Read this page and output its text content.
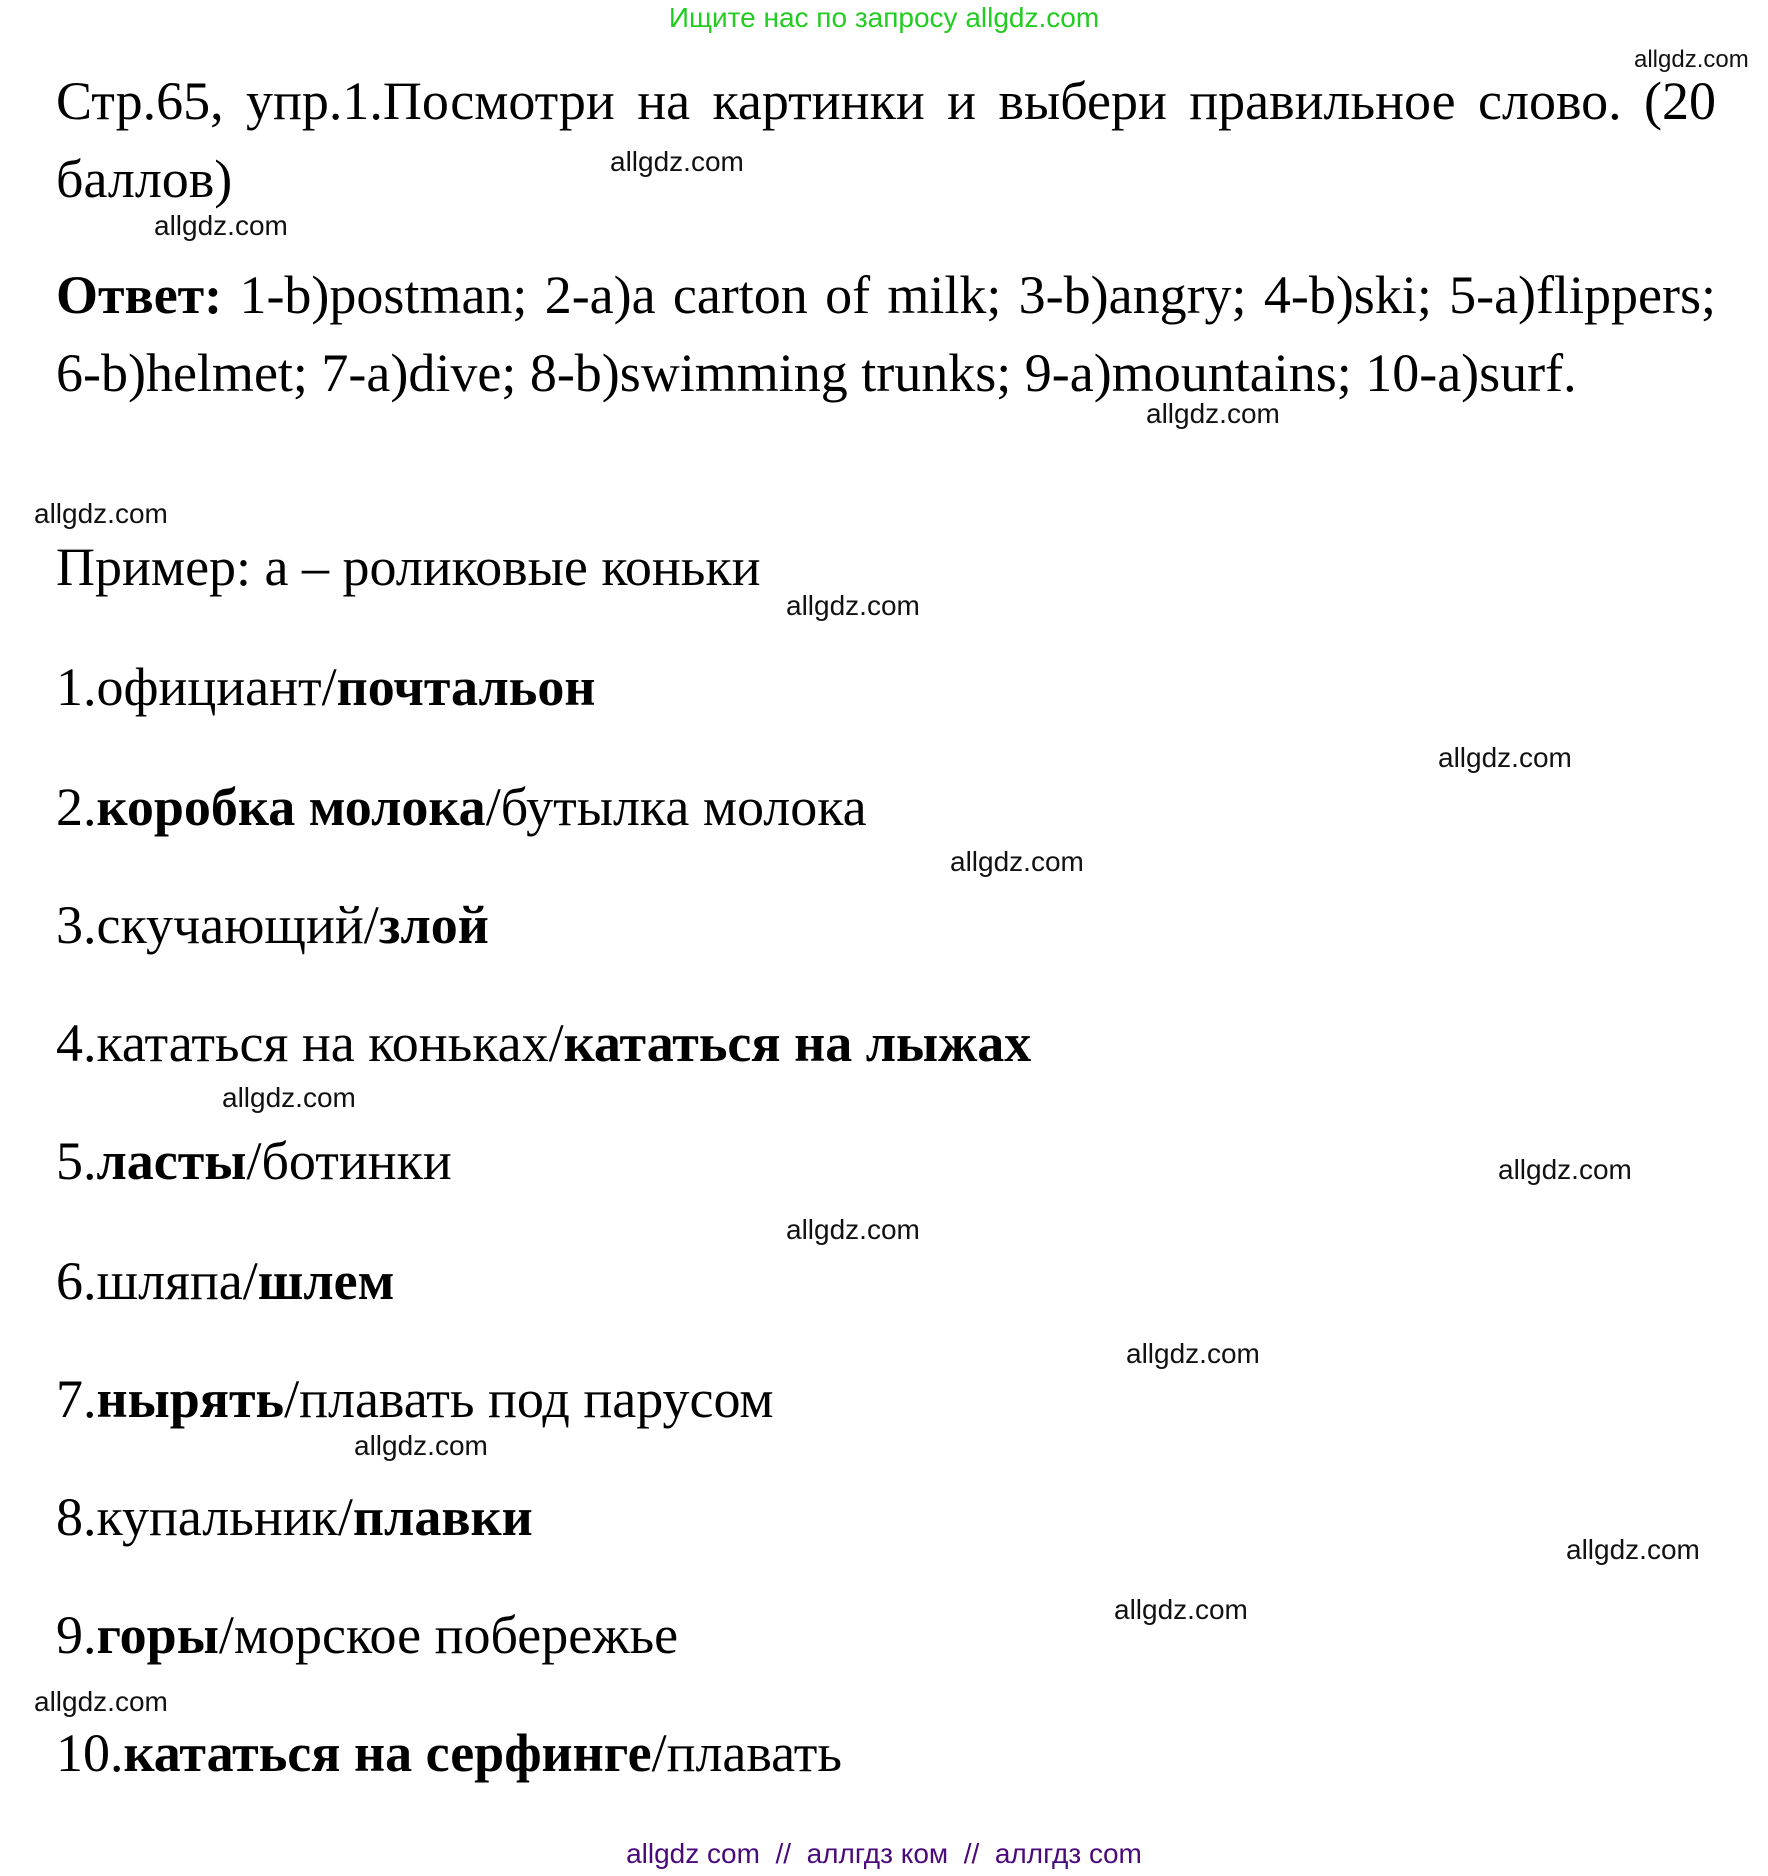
Ищите нас по запросу allgdz.com
Стр.65, упр.1.Посмотри на картинки и выбери правильное слово. (20 баллов)
Ответ: 1-b)postman; 2-a)a carton of milk; 3-b)angry; 4-b)ski; 5-a)flippers; 6-b)helmet; 7-a)dive; 8-b)swimming trunks; 9-a)mountains; 10-a)surf.
Пример: a – роликовые коньки
1.официант/почтальон
2.коробка молока/бутылка молока
3.скучающий/злой
4.кататься на коньках/кататься на лыжах
5.ласты/ботинки
6.шляпа/шлем
7.нырять/плавать под парусом
8.купальник/плавки
9.горы/морское побережье
10.кататься на серфинге/плавать
allgdz.com
allgdz.com
allgdz.com
allgdz.com
allgdz.com
allgdz.com
allgdz.com
allgdz.com
allgdz.com
allgdz.com
allgdz.com
allgdz.com
allgdz.com
allgdz.com
allgdz.com
allgdz.com
allgdz com  //  аллгдз ком  //  аллгдз com
